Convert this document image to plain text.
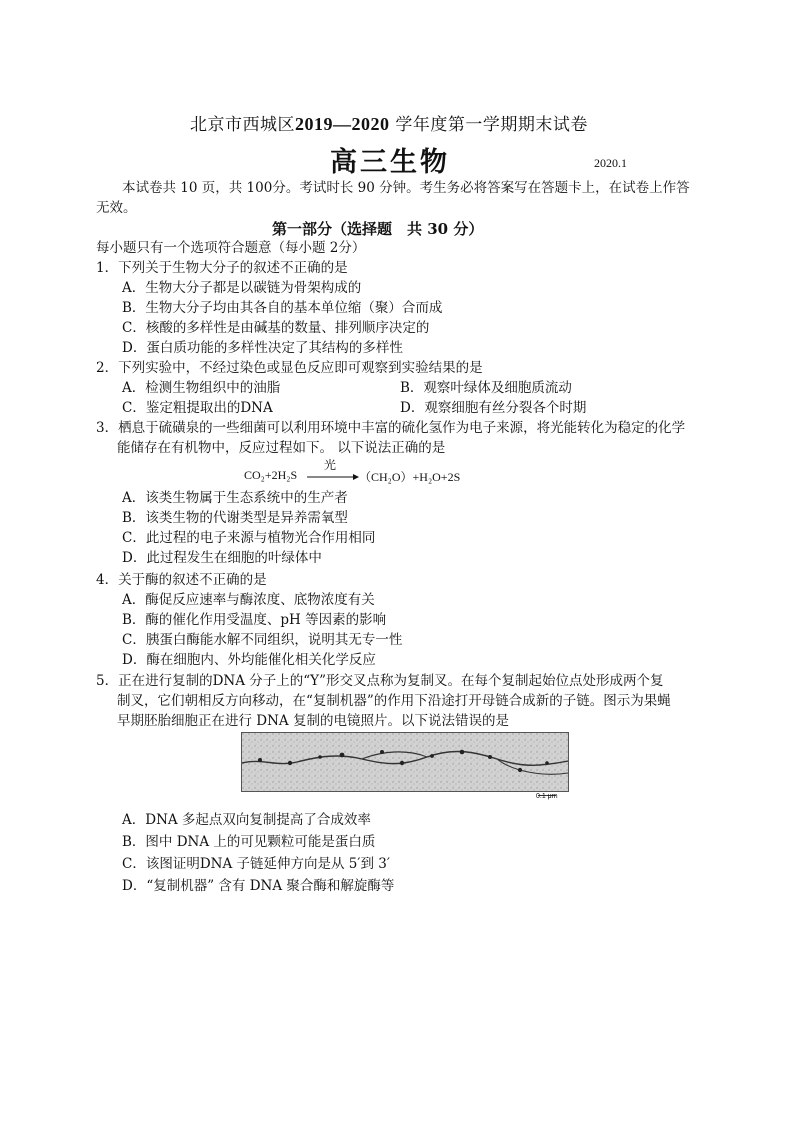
北京市西城区2019—2020 学年度第一学期期末试卷
高三生物	2020.1
本试卷共 10 页，共 100分。考试时长 90 分钟。考生务必将答案写在答题卡上，在试卷上作答
无效。
第一部分（选择题　共 30 分）
每小题只有一个选项符合题意（每小题 2分）
1．下列关于生物大分子的叙述不正确的是
A．生物大分子都是以碳链为骨架构成的
B．生物大分子均由其各自的基本单位缩（聚）合而成
C．核酸的多样性是由碱基的数量、排列顺序决定的
D．蛋白质功能的多样性决定了其结构的多样性
2．下列实验中，不经过染色或显色反应即可观察到实验结果的是
A．检测生物组织中的油脂	B．观察叶绿体及细胞质流动
C．鉴定粗提取出的DNA	D．观察细胞有丝分裂各个时期
3．栖息于硫磺泉的一些细菌可以利用环境中丰富的硫化氢作为电子来源，将光能转化为稳定的化学
能储存在有机物中，反应过程如下。 以下说法正确的是
CO₂+2H₂S
光
→ （CH₂O）+H₂O+2S
A．该类生物属于生态系统中的生产者
B．该类生物的代谢类型是异养需氧型
C．此过程的电子来源与植物光合作用相同
D．此过程发生在细胞的叶绿体中
4．关于酶的叙述不正确的是
A．酶促反应速率与酶浓度、底物浓度有关
B．酶的催化作用受温度、pH 等因素的影响
C．胰蛋白酶能水解不同组织，说明其无专一性
D．酶在细胞内、外均能催化相关化学反应
5．正在进行复制的DNA 分子上的“Y”形交叉点称为复制叉。在每个复制起始位点处形成两个复
制叉，它们朝相反方向移动，在“复制机器”的作用下沿途打开母链合成新的子链。图示为果蝇
早期胚胎细胞正在进行 DNA 复制的电镜照片。以下说法错误的是
0.1 μm
A．DNA 多起点双向复制提高了合成效率
B．图中 DNA 上的可见颗粒可能是蛋白质
C．该图证明DNA 子链延伸方向是从 5′到 3′
D．“复制机器” 含有 DNA 聚合酶和解旋酶等
